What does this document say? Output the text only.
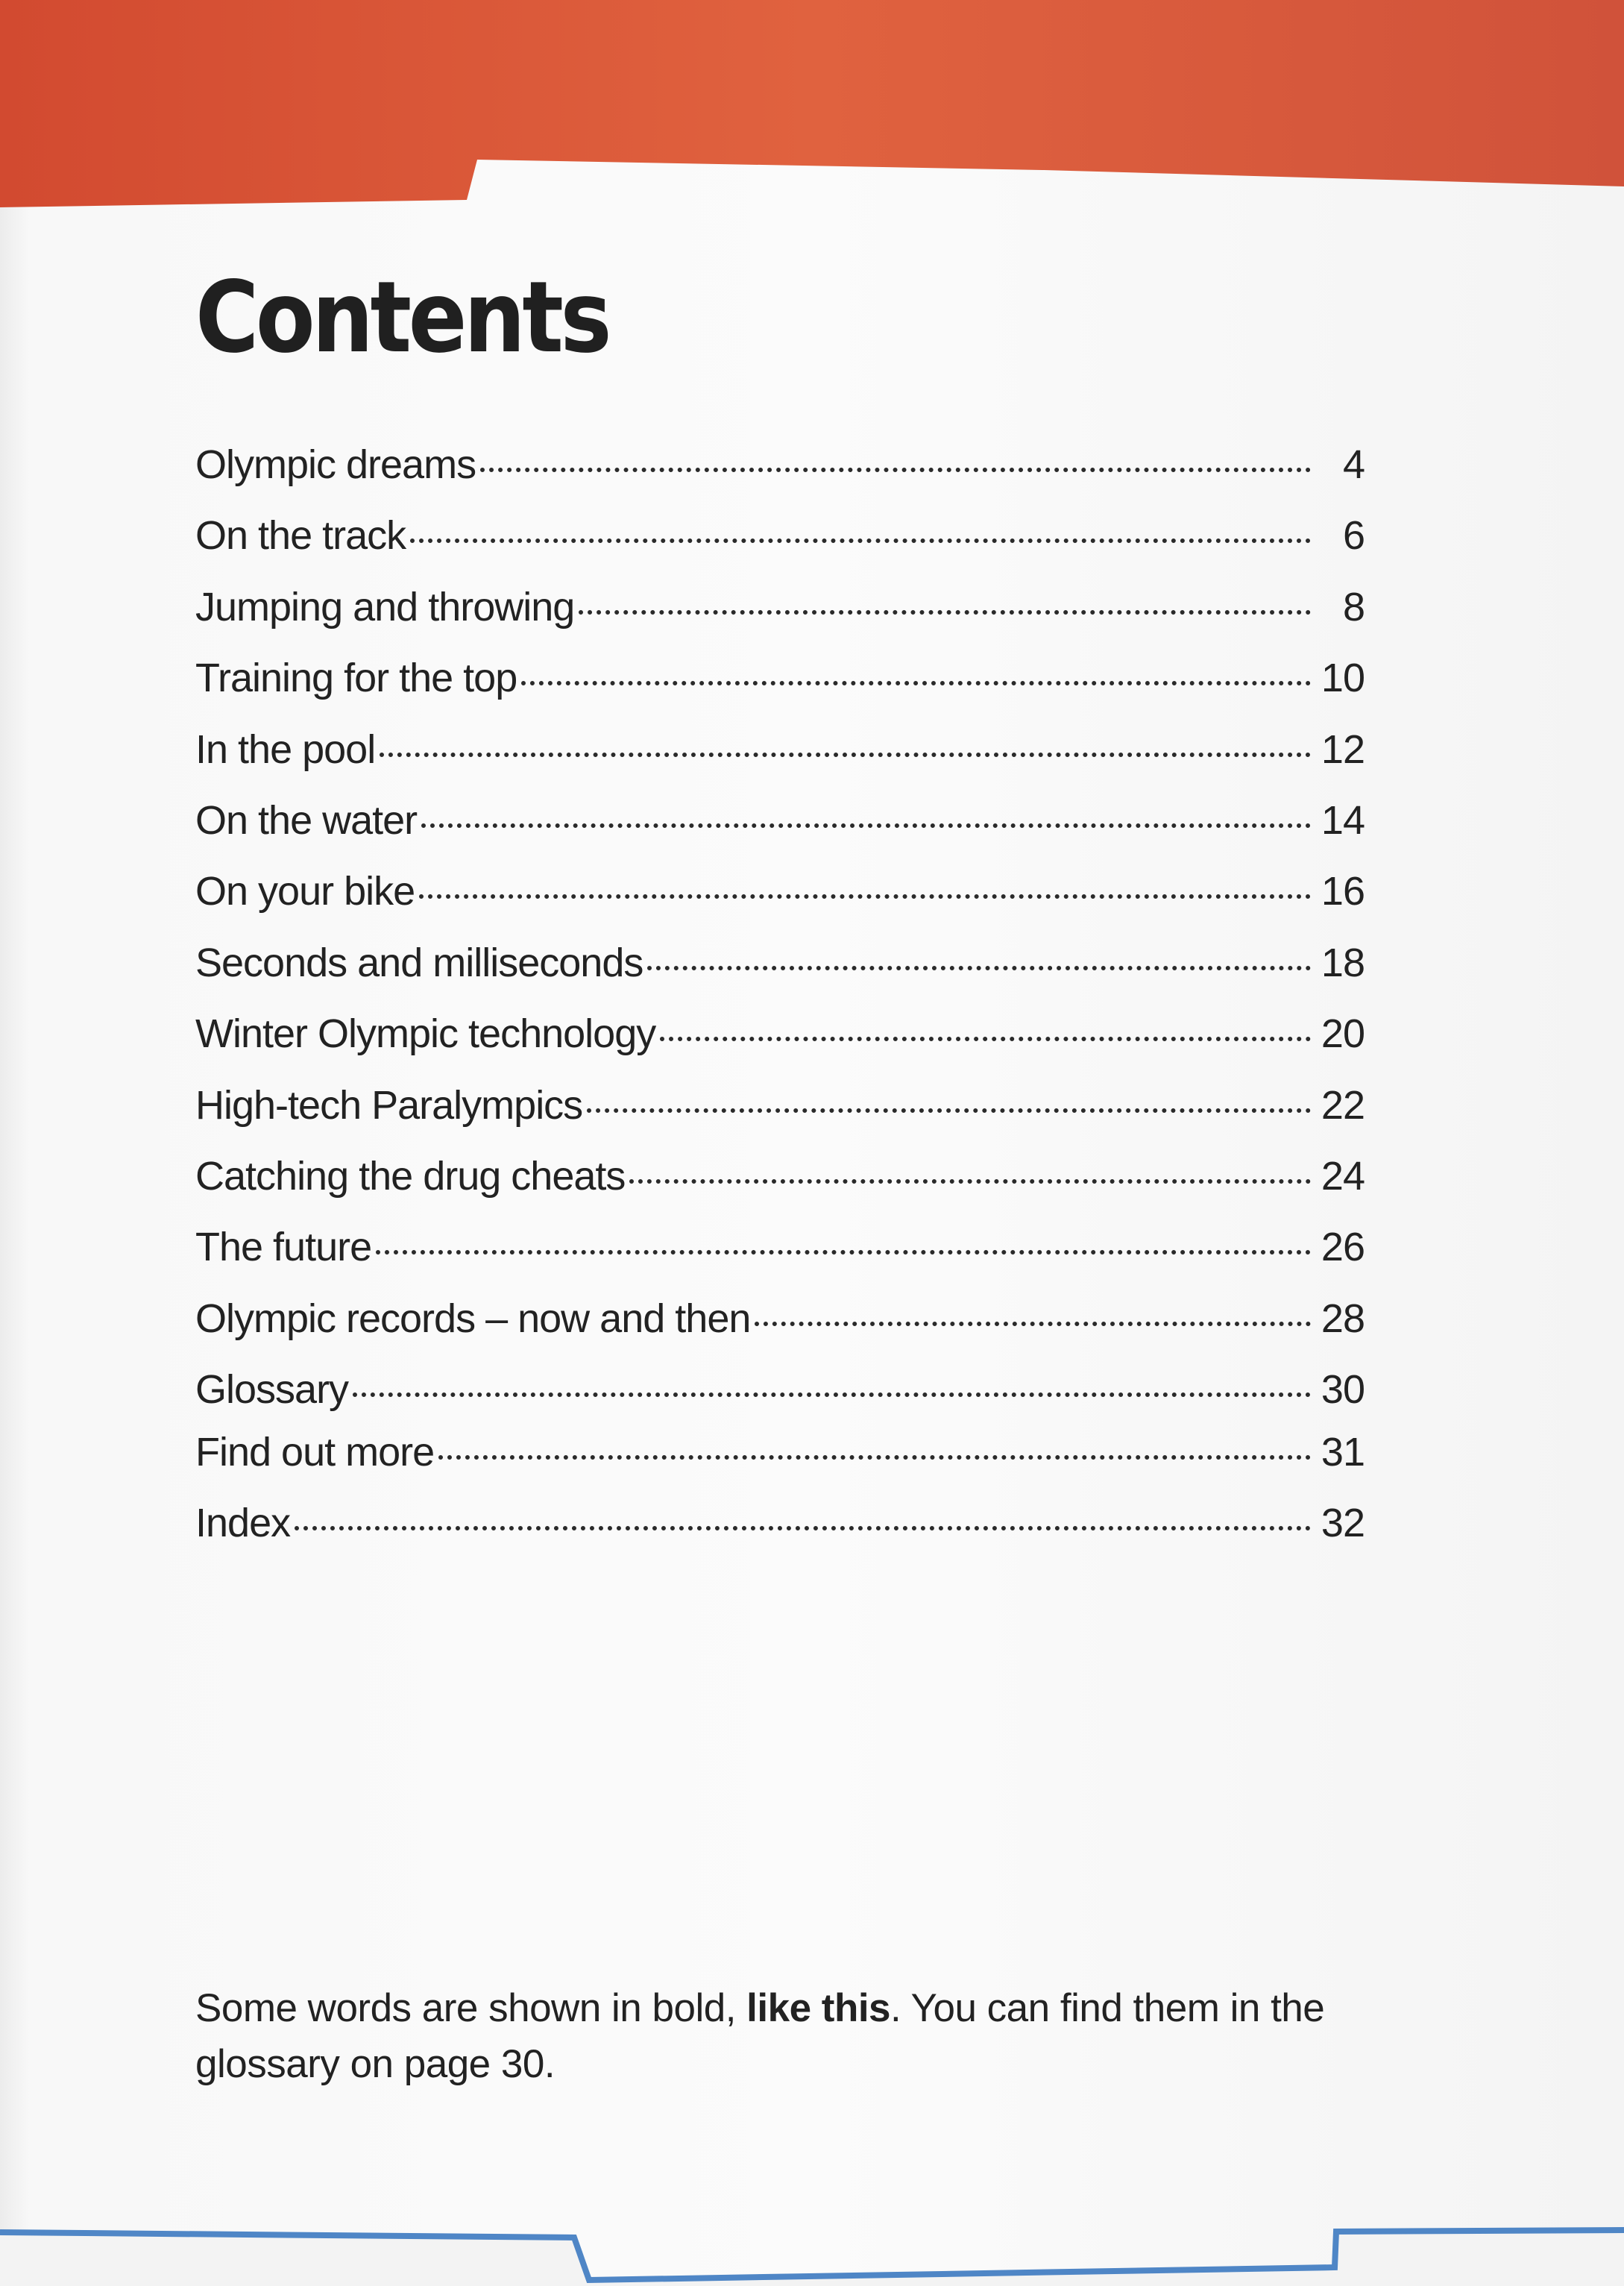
Contents
Olympic dreams	4
On the track	6
Jumping and throwing	8
Training for the top	10
In the pool	12
On the water	14
On your bike	16
Seconds and milliseconds	18
Winter Olympic technology	20
High-tech Paralympics	22
Catching the drug cheats	24
The future	26
Olympic records – now and then	28
Glossary	30
Find out more	31
Index	32

Some words are shown in bold, like this. You can find them in the glossary on page 30.
